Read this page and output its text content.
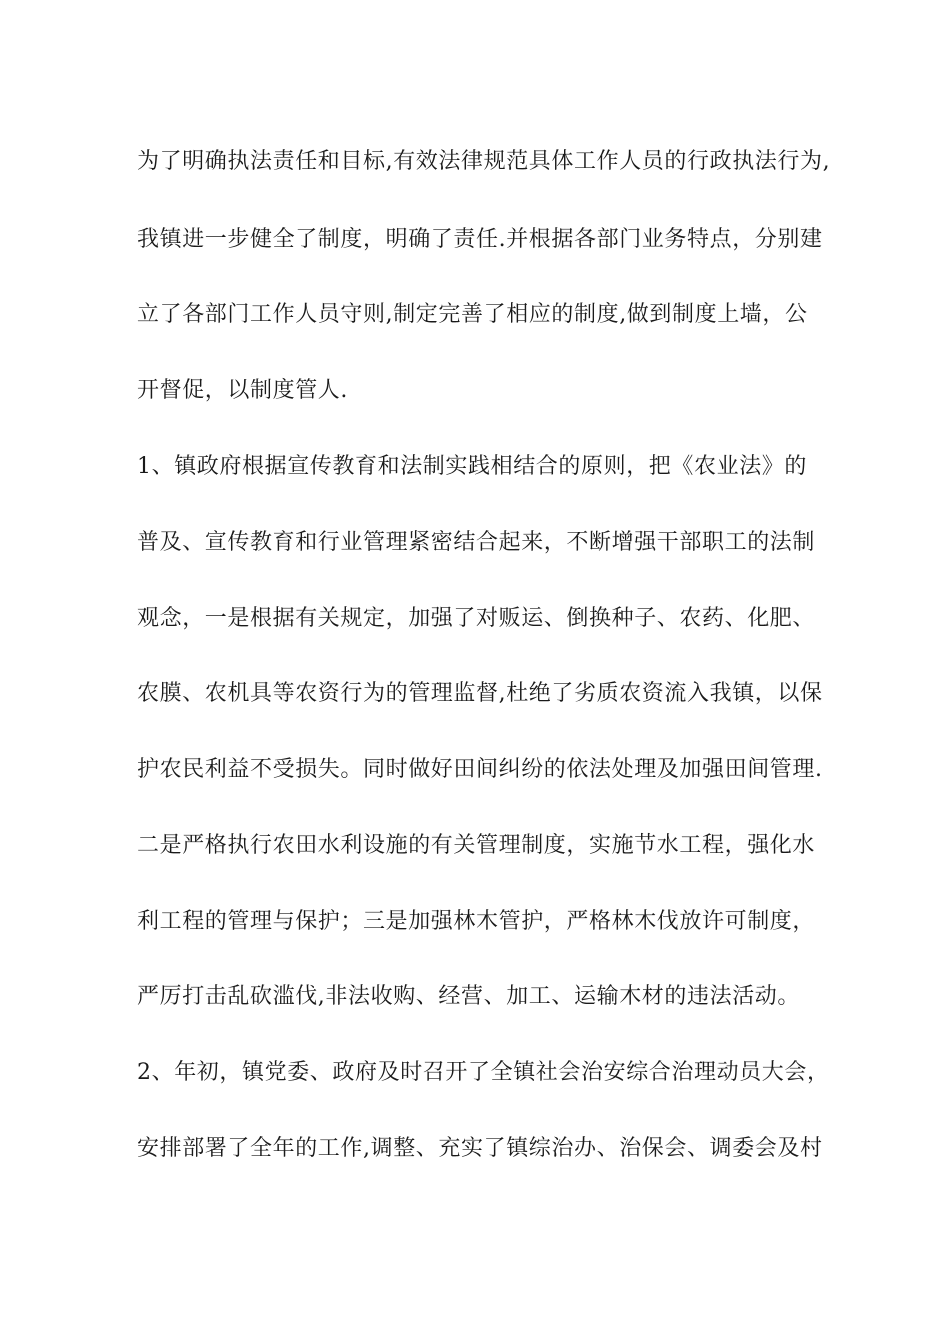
为了明确执法责任和目标,有效法律规范具体工作人员的行政执法行为,
我镇进一步健全了制度，明确了责任.并根据各部门业务特点，分别建
立了各部门工作人员守则,制定完善了相应的制度,做到制度上墙，公
开督促，以制度管人.
1、镇政府根据宣传教育和法制实践相结合的原则，把《农业法》的
普及、宣传教育和行业管理紧密结合起来，不断增强干部职工的法制
观念，一是根据有关规定，加强了对贩运、倒换种子、农药、化肥、
农膜、农机具等农资行为的管理监督,杜绝了劣质农资流入我镇，以保
护农民利益不受损失。同时做好田间纠纷的依法处理及加强田间管理.
二是严格执行农田水利设施的有关管理制度，实施节水工程，强化水
利工程的管理与保护；三是加强林木管护，严格林木伐放许可制度，
严厉打击乱砍滥伐,非法收购、经营、加工、运输木材的违法活动。
2、年初，镇党委、政府及时召开了全镇社会治安综合治理动员大会，
安排部署了全年的工作,调整、充实了镇综治办、治保会、调委会及村
